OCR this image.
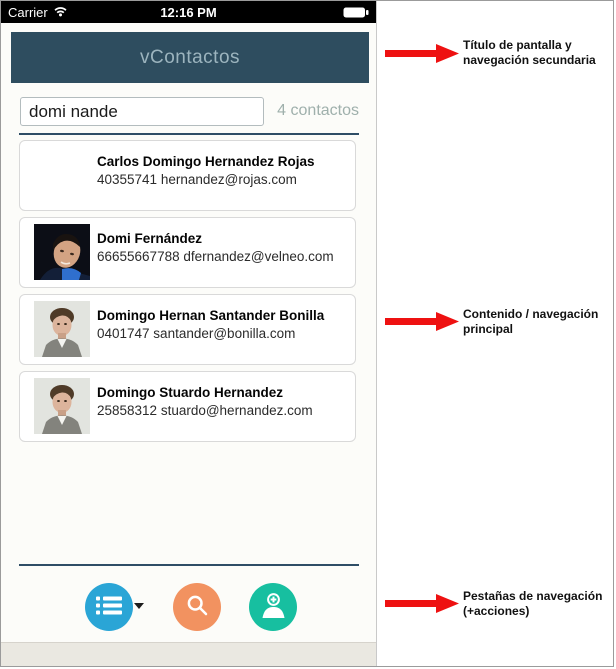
Carrier	12:16 PM
vContactos
domi nande
4 contactos
Carlos Domingo Hernandez Rojas
40355741 hernandez@rojas.com
Domi Fernández
66655667788 dfernandez@velneo.com
Domingo Hernan Santander Bonilla
0401747 santander@bonilla.com
Domingo Stuardo Hernandez
25858312 stuardo@hernandez.com
Título de pantalla y navegación secundaria
Contenido / navegación principal
Pestañas de navegación (+acciones)
